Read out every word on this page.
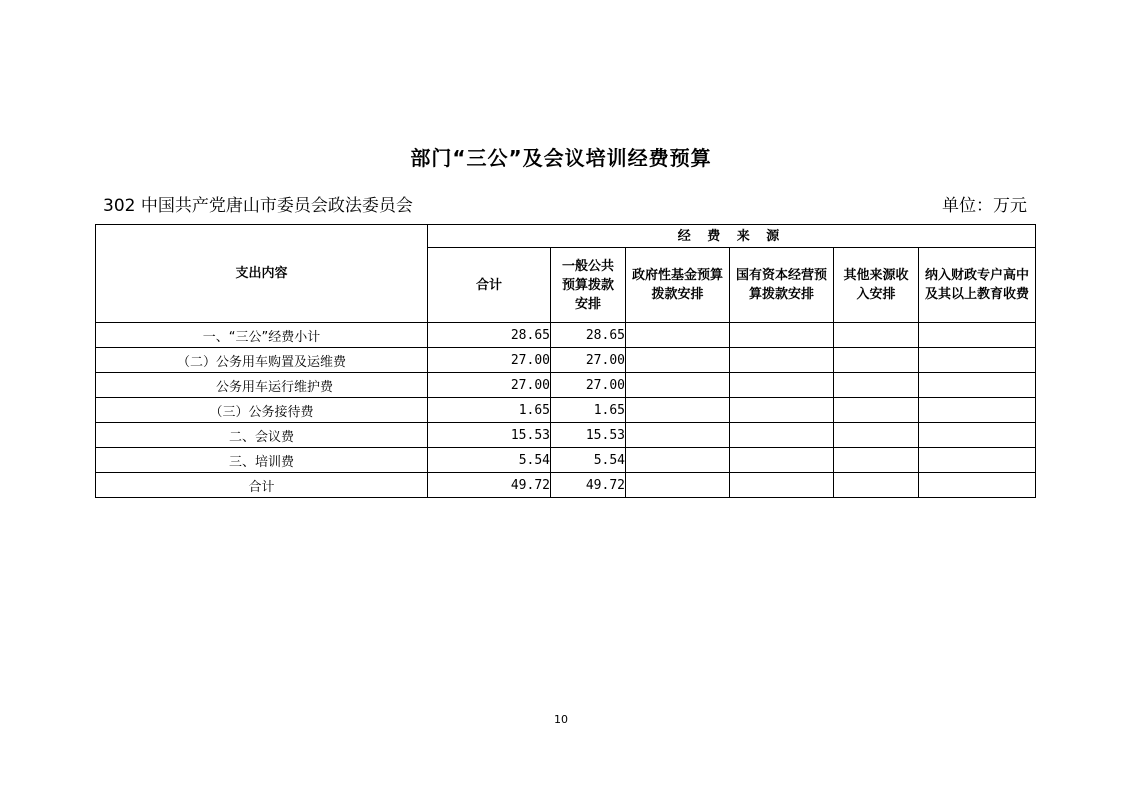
部门“三公”及会议培训经费预算
302 中国共产党唐山市委员会政法委员会	单位：万元
支出内容	经 费 来 源					
	合计	一般公共预算拨款安排	政府性基金预算拨款安排	国有资本经营预算拨款安排	其他来源收入安排	纳入财政专户高中及其以上教育收费
一、“三公”经费小计	28.65	28.65				
（二）公务用车购置及运维费	27.00	27.00				
公务用车运行维护费	27.00	27.00				
（三）公务接待费	1.65	1.65				
二、会议费	15.53	15.53				
三、培训费	5.54	5.54				
合计	49.72	49.72				
10
